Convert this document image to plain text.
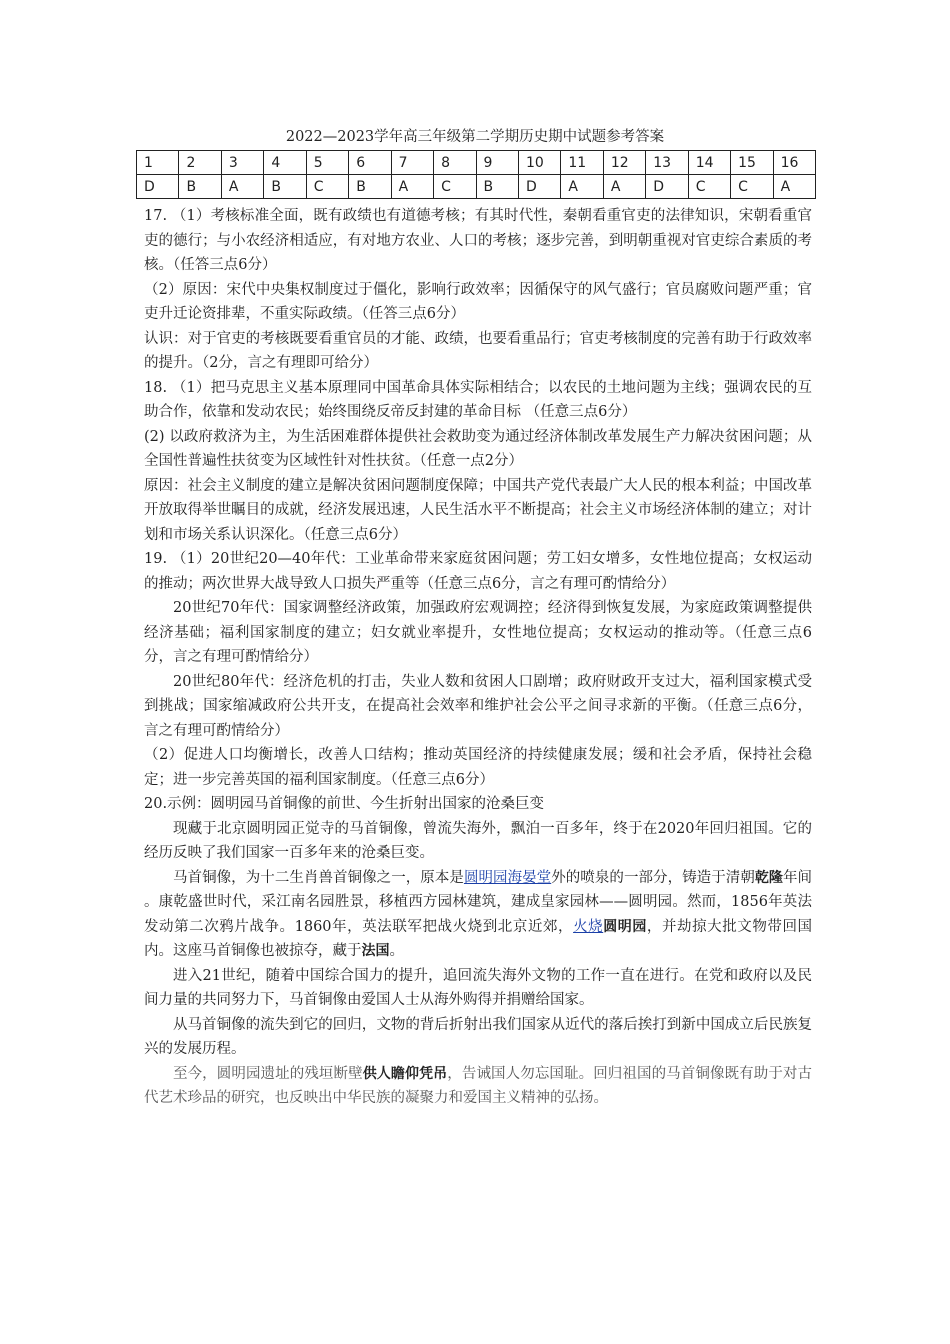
2022—2023学年高三年级第二学期历史期中试题参考答案
1	2	3	4	5	6	7	8	9	10	11	12	13	14	15	16
D	B	A	B	C	B	A	C	B	D	A	A	D	C	C	A

17. （1）考核标准全面，既有政绩也有道德考核；有其时代性，秦朝看重官吏的法律知识，宋朝看重官吏的德行；与小农经济相适应，有对地方农业、人口的考核；逐步完善，到明朝重视对官吏综合素质的考核。（任答三点6分）

（2）原因：宋代中央集权制度过于僵化，影响行政效率；因循保守的风气盛行；官员腐败问题严重；官吏升迁论资排辈，不重实际政绩。（任答三点6分）

认识：对于官吏的考核既要看重官员的才能、政绩，也要看重品行；官吏考核制度的完善有助于行政效率的提升。（2分，言之有理即可给分）

18. （1）把马克思主义基本原理同中国革命具体实际相结合；以农民的土地问题为主线；强调农民的互助合作，依靠和发动农民；始终围绕反帝反封建的革命目标 （任意三点6分）

(2) 以政府救济为主，为生活困难群体提供社会救助变为通过经济体制改革发展生产力解决贫困问题；从全国性普遍性扶贫变为区域性针对性扶贫。（任意一点2分）

原因：社会主义制度的建立是解决贫困问题制度保障；中国共产党代表最广大人民的根本利益；中国改革开放取得举世瞩目的成就，经济发展迅速，人民生活水平不断提高；社会主义市场经济体制的建立；对计划和市场关系认识深化。（任意三点6分）

19. （1）20世纪20—40年代：工业革命带来家庭贫困问题；劳工妇女增多，女性地位提高；女权运动的推动；两次世界大战导致人口损失严重等（任意三点6分，言之有理可酌情给分）

20世纪70年代：国家调整经济政策，加强政府宏观调控；经济得到恢复发展，为家庭政策调整提供经济基础；福利国家制度的建立；妇女就业率提升，女性地位提高；女权运动的推动等。（任意三点6分，言之有理可酌情给分）

20世纪80年代：经济危机的打击，失业人数和贫困人口剧增；政府财政开支过大，福利国家模式受到挑战；国家缩减政府公共开支，在提高社会效率和维护社会公平之间寻求新的平衡。（任意三点6分，言之有理可酌情给分）

（2）促进人口均衡增长，改善人口结构；推动英国经济的持续健康发展；缓和社会矛盾，保持社会稳定；进一步完善英国的福利国家制度。（任意三点6分）

20.示例：圆明园马首铜像的前世、今生折射出国家的沧桑巨变

现藏于北京圆明园正觉寺的马首铜像，曾流失海外，飘泊一百多年，终于在2020年回归祖国。它的经历反映了我们国家一百多年来的沧桑巨变。

马首铜像，为十二生肖兽首铜像之一，原本是圆明园海晏堂外的喷泉的一部分，铸造于清朝乾隆年间 。康乾盛世时代，采江南名园胜景，移植西方园林建筑，建成皇家园林——圆明园。然而，1856年英法发动第二次鸦片战争。1860年，英法联军把战火烧到北京近郊，火烧圆明园，并劫掠大批文物带回国内。这座马首铜像也被掠夺，藏于法国。

进入21世纪，随着中国综合国力的提升，追回流失海外文物的工作一直在进行。在党和政府以及民间力量的共同努力下，马首铜像由爱国人士从海外购得并捐赠给国家。

从马首铜像的流失到它的回归，文物的背后折射出我们国家从近代的落后挨打到新中国成立后民族复兴的发展历程。

至今，圆明园遗址的残垣断壁供人瞻仰凭吊，告诫国人勿忘国耻。回归祖国的马首铜像既有助于对古代艺术珍品的研究，也反映出中华民族的凝聚力和爱国主义精神的弘扬。
